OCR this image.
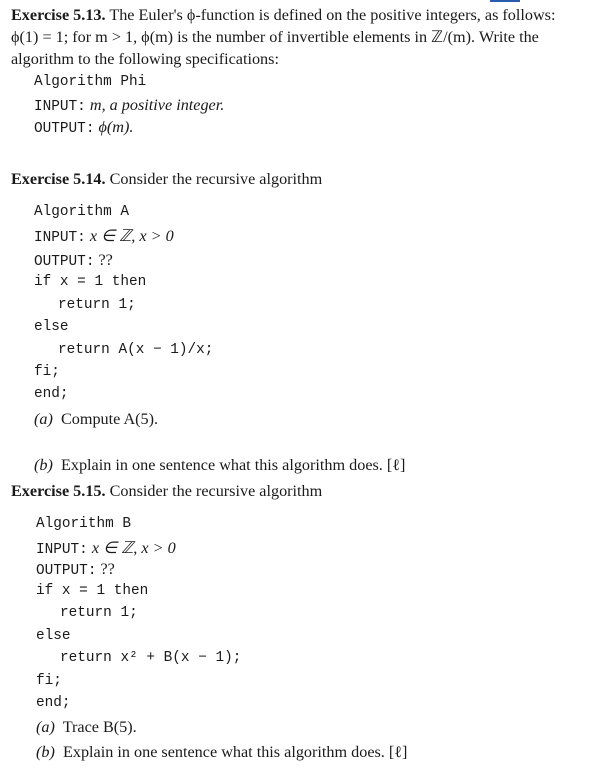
Exercise 5.13. The Euler's ϕ-function is defined on the positive integers, as follows:
ϕ(1) = 1; for m > 1, ϕ(m) is the number of invertible elements in ℤ/(m). Write the
algorithm to the following specifications:
Algorithm Phi
INPUT: m, a positive integer.
OUTPUT: ϕ(m).
Exercise 5.14. Consider the recursive algorithm
Algorithm A
INPUT: x ∈ ℤ, x > 0
OUTPUT: ??
if x = 1 then
return 1;
else
return A(x − 1)/x;
fi;
end;
(a) Compute A(5).
(b) Explain in one sentence what this algorithm does. [ℓ]
Exercise 5.15. Consider the recursive algorithm
Algorithm B
INPUT: x ∈ ℤ, x > 0
OUTPUT: ??
if x = 1 then
return 1;
else
return x² + B(x − 1);
fi;
end;
(a) Trace B(5).
(b) Explain in one sentence what this algorithm does. [ℓ]
